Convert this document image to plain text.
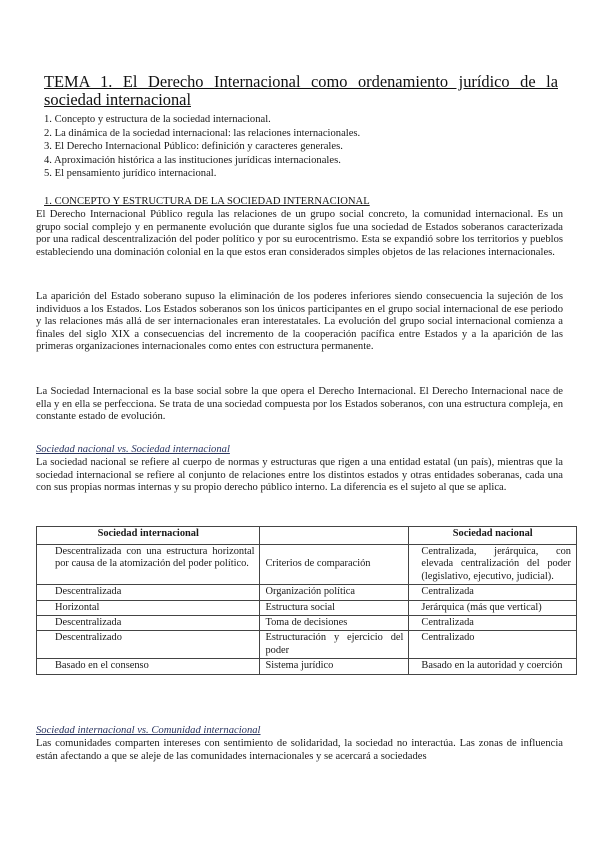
TEMA 1. El Derecho Internacional como ordenamiento jurídico de la sociedad internacional
1. Concepto y estructura de la sociedad internacional.
2. La dinámica de la sociedad internacional: las relaciones internacionales.
3. El Derecho Internacional Público: definición y caracteres generales.
4. Aproximación histórica a las instituciones jurídicas internacionales.
5. El pensamiento jurídico internacional.
1. CONCEPTO Y ESTRUCTURA DE LA SOCIEDAD INTERNACIONAL

El Derecho Internacional Público regula las relaciones de un grupo social concreto, la comunidad internacional. Es un grupo social complejo y en permanente evolución que durante siglos fue una sociedad de Estados soberanos caracterizada por una radical descentralización del poder político y por su eurocentrismo. Esta se expandió sobre los territorios y pueblos estableciendo una dominación colonial en la que estos eran considerados simples objetos de las relaciones internacionales.

La aparición del Estado soberano supuso la eliminación de los poderes inferiores siendo consecuencia la sujeción de los individuos a los Estados. Los Estados soberanos son los únicos participantes en el grupo social internacional de ese periodo y las relaciones más allá de ser internacionales eran interestatales. La evolución del grupo social internacional comienza a finales del siglo XIX a consecuencias del incremento de la cooperación pacífica entre Estados y a la aparición de las primeras organizaciones internacionales como entes con estructura permanente.

La Sociedad Internacional es la base social sobre la que opera el Derecho Internacional. El Derecho Internacional nace de ella y en ella se perfecciona. Se trata de una sociedad compuesta por los Estados soberanos, con una estructura compleja, en constante estado de evolución.

Sociedad nacional vs. Sociedad internacional

La sociedad nacional se refiere al cuerpo de normas y estructuras que rigen a una entidad estatal (un país), mientras que la sociedad internacional se refiere al conjunto de relaciones entre los distintos estados y otras entidades soberanas, cada una con sus propias normas internas y su propio derecho público interno. La diferencia es el sujeto al que se aplica.

Sociedad internacional		Sociedad nacional
Descentralizada con una estructura horizontal por causa de la atomización del poder político.	Criterios de comparación	Centralizada, jerárquica, con elevada centralización del poder (legislativo, ejecutivo, judicial).
Descentralizada	Organización política	Centralizada
Horizontal	Estructura social	Jerárquica (más que vertical)
Descentralizada	Toma de decisiones	Centralizada
Descentralizado	Estructuración y ejercicio del poder	Centralizado
Basado en el consenso	Sistema jurídico	Basado en la autoridad y coerción
Sociedad internacional vs. Comunidad internacional

Las comunidades comparten intereses con sentimiento de solidaridad, la sociedad no interactúa. Las zonas de influencia están afectando a que se aleje de las comunidades internacionales y se acercará a sociedades
